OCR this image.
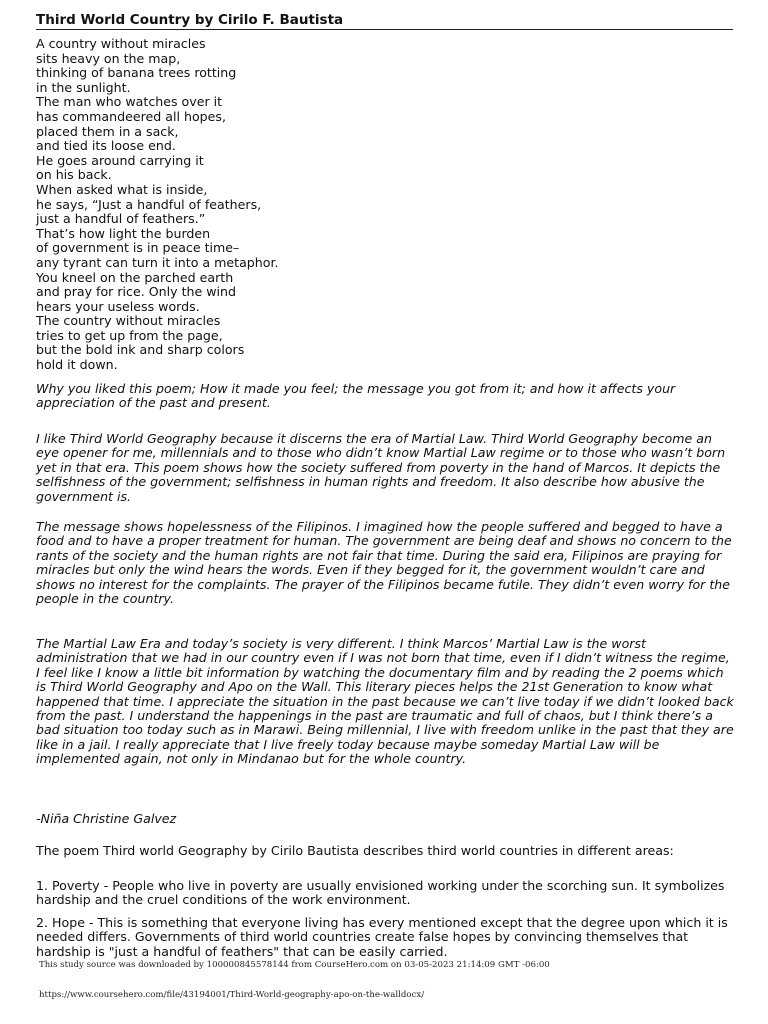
Third World Country by Cirilo F. Bautista
A country without miracles
sits heavy on the map,
thinking of banana trees rotting
in the sunlight.
The man who watches over it
has commandeered all hopes,
placed them in a sack,
and tied its loose end.
He goes around carrying it
on his back.
When asked what is inside,
he says, “Just a handful of feathers,
just a handful of feathers.”
That’s how light the burden
of government is in peace time–
any tyrant can turn it into a metaphor.
You kneel on the parched earth
and pray for rice. Only the wind
hears your useless words.
The country without miracles
tries to get up from the page,
but the bold ink and sharp colors
hold it down.
Why you liked this poem; How it made you feel; the message you got from it; and how it affects your appreciation of the past and present.
I like Third World Geography because it discerns the era of Martial Law. Third World Geography become an eye opener for me, millennials and to those who didn’t know Martial Law regime or to those who wasn’t born yet in that era. This poem shows how the society suffered from poverty in the hand of Marcos. It depicts the selfishness of the government; selfishness in human rights and freedom. It also describe how abusive the government is.
The message shows hopelessness of the Filipinos. I imagined how the people suffered and begged to have a food and to have a proper treatment for human. The government are being deaf and shows no concern to the rants of the society and the human rights are not fair that time. During the said era, Filipinos are praying for miracles but only the wind hears the words. Even if they begged for it, the government wouldn’t care and shows no interest for the complaints. The prayer of the Filipinos became futile. They didn’t even worry for the people in the country.
The Martial Law Era and today’s society is very different. I think Marcos’ Martial Law is the worst administration that we had in our country even if I was not born that time, even if I didn’t witness the regime, I feel like I know a little bit information by watching the documentary film and by reading the 2 poems which is Third World Geography and Apo on the Wall. This literary pieces helps the 21st Generation to know what happened that time. I appreciate the situation in the past because we can’t live today if we didn’t looked back from the past. I understand the happenings in the past are traumatic and full of chaos, but I think there’s a bad situation too today such as in Marawi. Being millennial, I live with freedom unlike in the past that they are like in a jail. I really appreciate that I live freely today because maybe someday Martial Law will be implemented again, not only in Mindanao but for the whole country.
-Niña Christine Galvez
The poem Third world Geography by Cirilo Bautista describes third world countries in different areas:
1. Poverty - People who live in poverty are usually envisioned working under the scorching sun. It symbolizes hardship and the cruel conditions of the work environment.
2. Hope - This is something that everyone living has every mentioned except that the degree upon which it is needed differs. Governments of third world countries create false hopes by convincing themselves that hardship is "just a handful of feathers" that can be easily carried.
This study source was downloaded by 100000845578144 from CourseHero.com on 03-05-2023 21:14:09 GMT -06:00
https://www.coursehero.com/file/43194001/Third-World-geography-apo-on-the-walldocx/
